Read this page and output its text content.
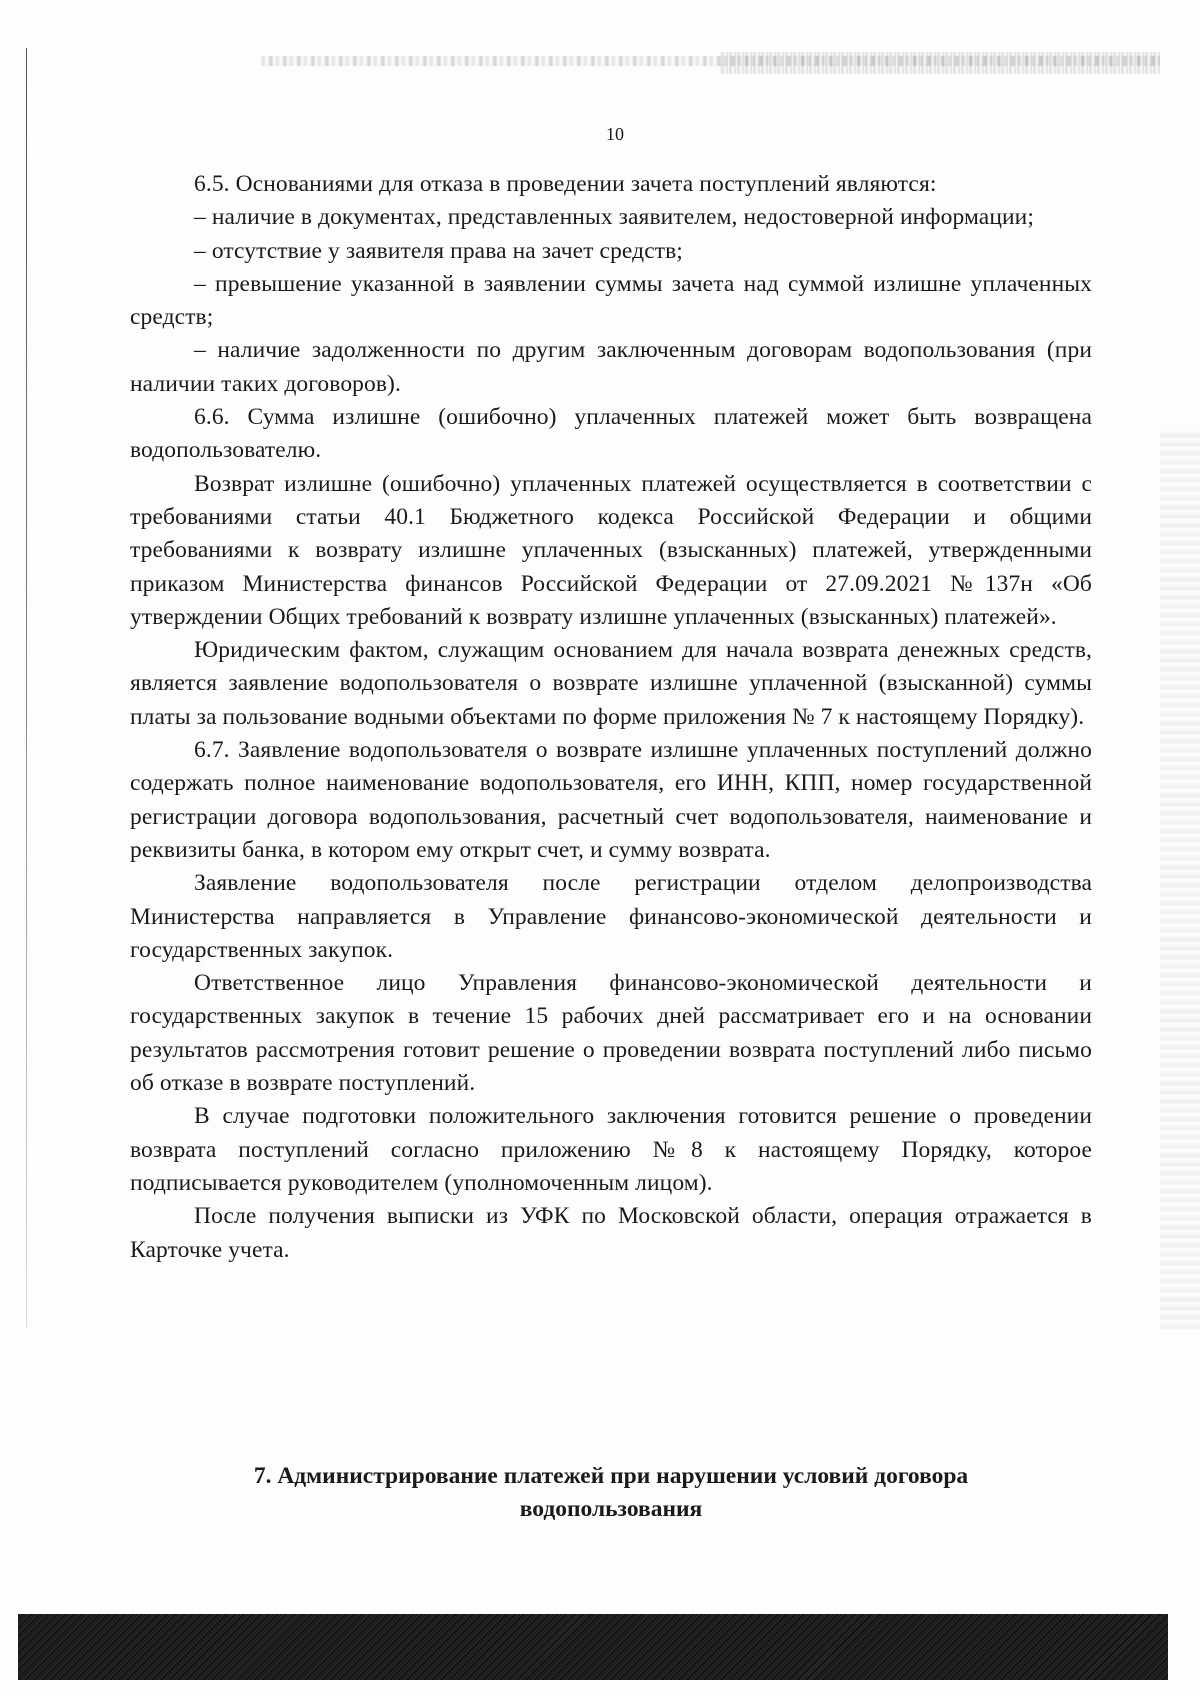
10

6.5. Основаниями для отказа в проведении зачета поступлений являются:

– наличие в документах, представленных заявителем, недостоверной информации;

– отсутствие у заявителя права на зачет средств;

– превышение указанной в заявлении суммы зачета над суммой излишне уплаченных средств;

– наличие задолженности по другим заключенным договорам водопользования (при наличии таких договоров).

6.6. Сумма излишне (ошибочно) уплаченных платежей может быть возвращена водопользователю.

Возврат излишне (ошибочно) уплаченных платежей осуществляется в соответствии с требованиями статьи 40.1 Бюджетного кодекса Российской Федерации и общими требованиями к возврату излишне уплаченных (взысканных) платежей, утвержденными приказом Министерства финансов Российской Федерации от 27.09.2021 №137н «Об утверждении Общих требований к возврату излишне уплаченных (взысканных) платежей».

Юридическим фактом, служащим основанием для начала возврата денежных средств, является заявление водопользователя о возврате излишне уплаченной (взысканной) суммы платы за пользование водными объектами по форме приложения № 7 к настоящему Порядку).

6.7. Заявление водопользователя о возврате излишне уплаченных поступлений должно содержать полное наименование водопользователя, его ИНН, КПП, номер государственной регистрации договора водопользования, расчетный счет водопользователя, наименование и реквизиты банка, в котором ему открыт счет, и сумму возврата.

Заявление водопользователя после регистрации отделом делопроизводства Министерства направляется в Управление финансово-экономической деятельности и государственных закупок.

Ответственное лицо Управления финансово-экономической деятельности и государственных закупок в течение 15 рабочих дней рассматривает его и на основании результатов рассмотрения готовит решение о проведении возврата поступлений либо письмо об отказе в возврате поступлений.

В случае подготовки положительного заключения готовится решение о проведении возврата поступлений согласно приложению №8 к настоящему Порядку, которое подписывается руководителем (уполномоченным лицом).

После получения выписки из УФК по Московской области, операция отражается в Карточке учета.

7. Администрирование платежей при нарушении условий договора
водопользования
